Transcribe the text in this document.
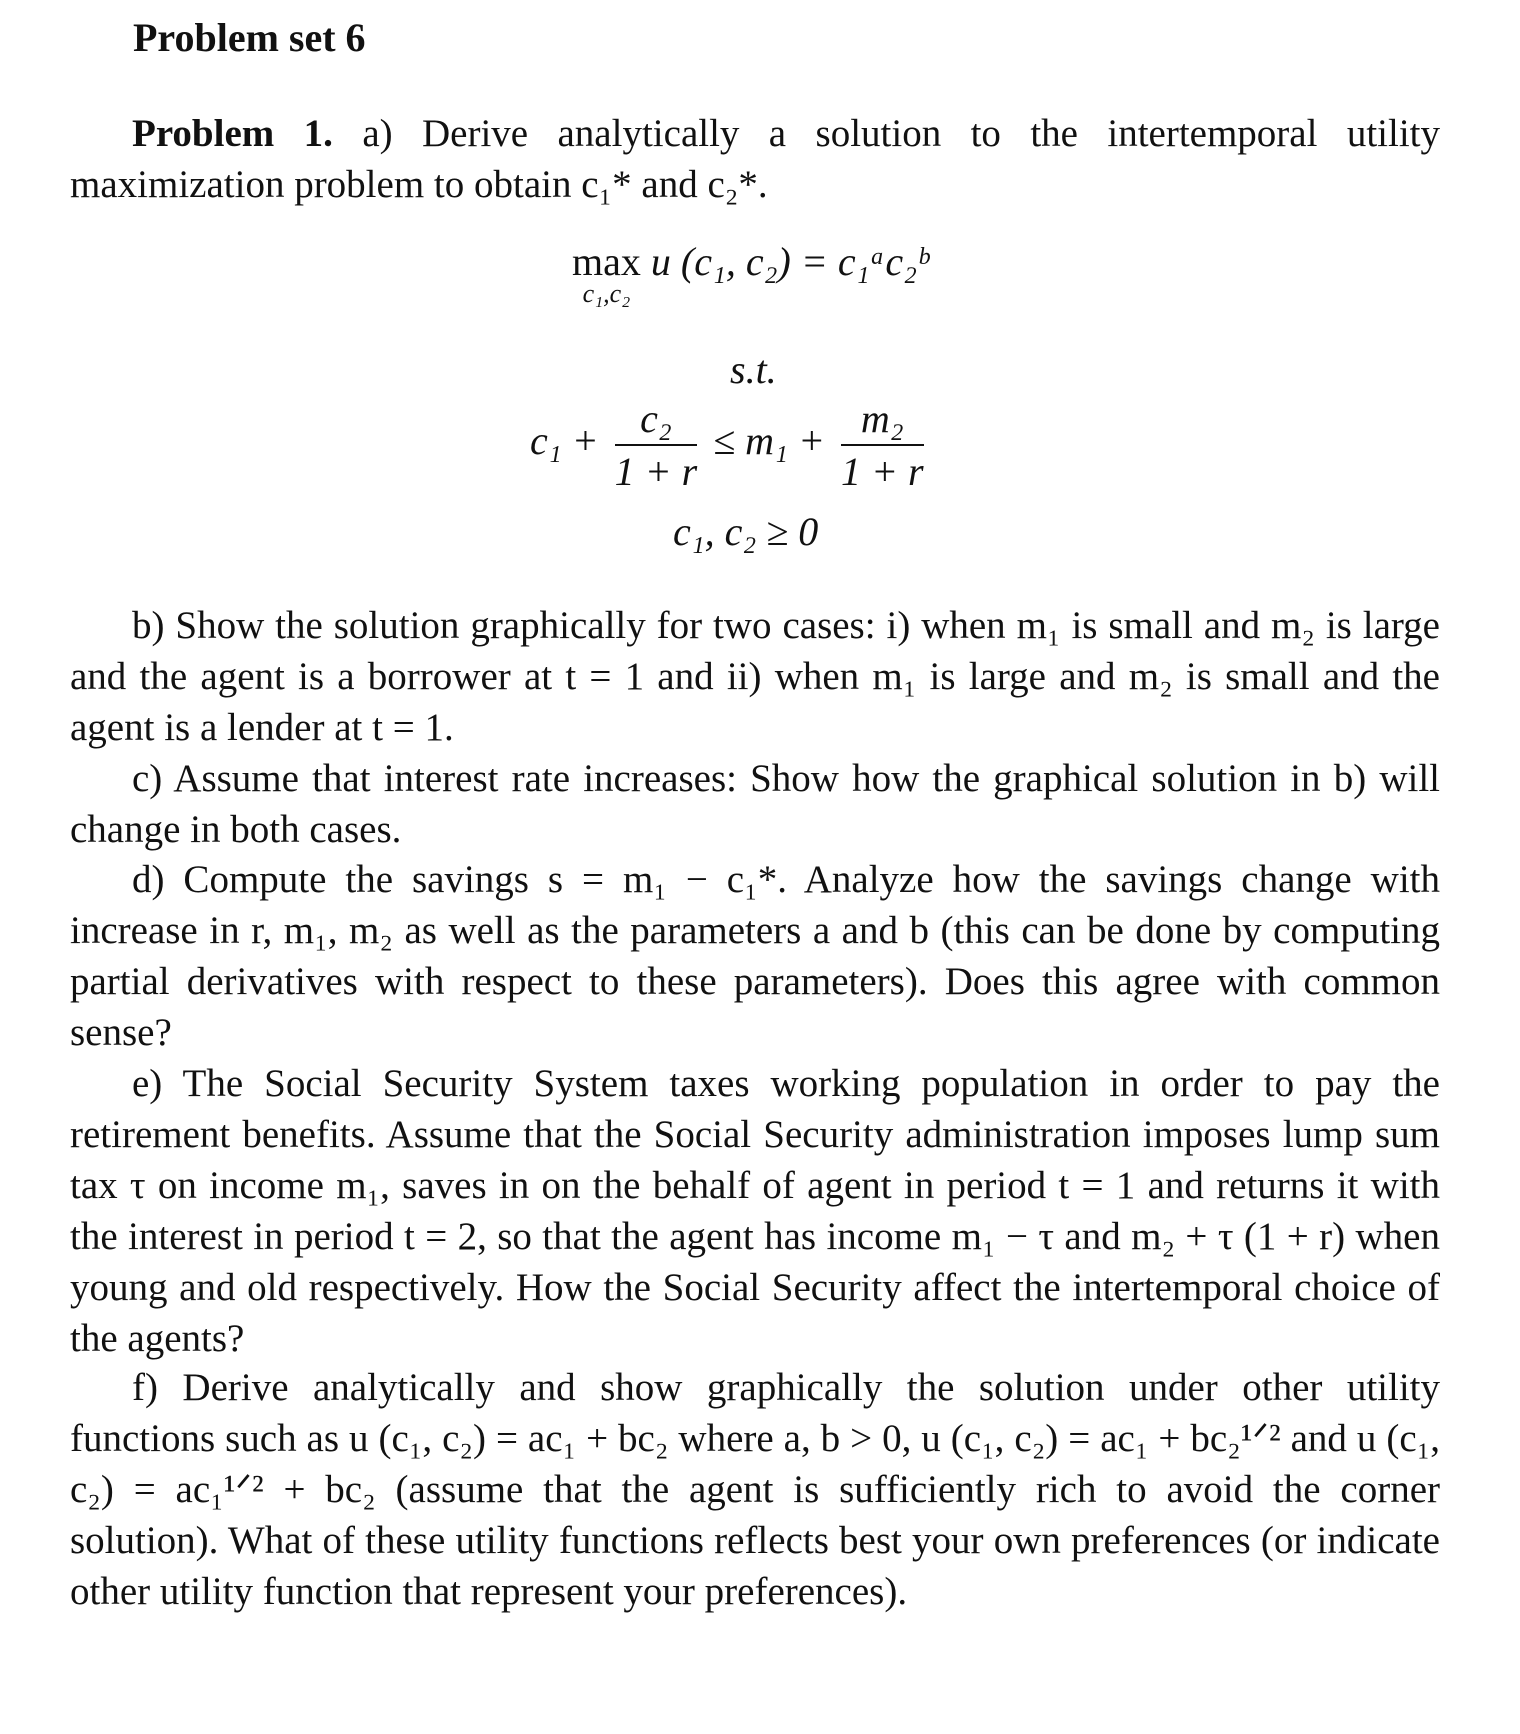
Problem set 6
Problem 1. a) Derive analytically a solution to the intertemporal utility maximization problem to obtain c₁* and c₂*.
max
c₁,c₂
u (c₁, c₂) = c₁ᵃc₂ᵇ
s.t.
$c_1 + \frac{\text{c₂}}{1 + r} \le m_1 + \frac{\text{m₂}}{1 + r}$
c₁, c₂ ≥ 0
b) Show the solution graphically for two cases: i) when m₁ is small and m₂ is large and the agent is a borrower at t = 1 and ii) when m₁ is large and m₂ is small and the agent is a lender at t = 1.
c) Assume that interest rate increases: Show how the graphical solution in b) will change in both cases.
d) Compute the savings s = m₁ − c₁*. Analyze how the savings change with increase in r, m₁, m₂ as well as the parameters a and b (this can be done by computing partial derivatives with respect to these parameters). Does this agree with common sense?
e) The Social Security System taxes working population in order to pay the retirement benefits. Assume that the Social Security administration imposes lump sum tax τ on income m₁, saves in on the behalf of agent in period t = 1 and returns it with the interest in period t = 2, so that the agent has income m₁ − τ and m₂ + τ (1 + r) when young and old respectively. How the Social Security affect the intertemporal choice of the agents?
f) Derive analytically and show graphically the solution under other utility functions such as u (c₁, c₂) = ac₁ + bc₂ where a, b > 0, u (c₁, c₂) = ac₁ + bc₂¹ᐟ² and u (c₁, c₂) = ac₁¹ᐟ² + bc₂ (assume that the agent is sufficiently rich to avoid the corner solution). What of these utility functions reflects best your own preferences (or indicate other utility function that represent your preferences).
